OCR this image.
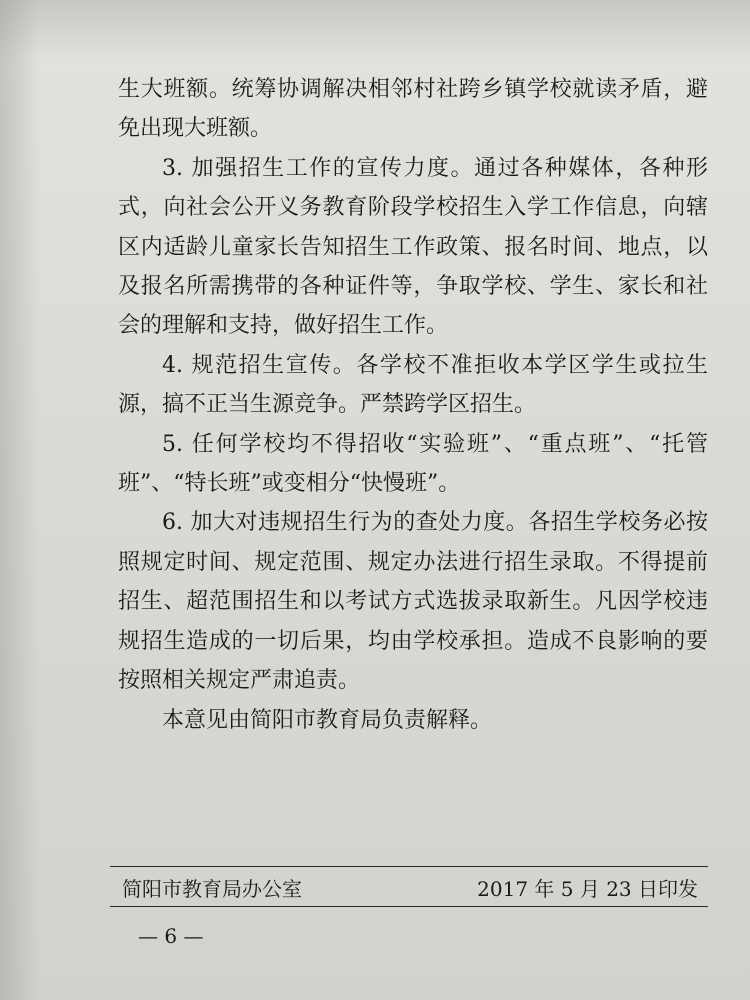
生大班额。统筹协调解决相邻村社跨乡镇学校就读矛盾，避免出现大班额。

3. 加强招生工作的宣传力度。通过各种媒体，各种形式，向社会公开义务教育阶段学校招生入学工作信息，向辖区内适龄儿童家长告知招生工作政策、报名时间、地点，以及报名所需携带的各种证件等，争取学校、学生、家长和社会的理解和支持，做好招生工作。

4. 规范招生宣传。各学校不准拒收本学区学生或拉生源，搞不正当生源竞争。严禁跨学区招生。

5. 任何学校均不得招收“实验班”、“重点班”、“托管班”、“特长班”或变相分“快慢班”。

6. 加大对违规招生行为的查处力度。各招生学校务必按照规定时间、规定范围、规定办法进行招生录取。不得提前招生、超范围招生和以考试方式选拔录取新生。凡因学校违规招生造成的一切后果，均由学校承担。造成不良影响的要按照相关规定严肃追责。

本意见由简阳市教育局负责解释。

简阳市教育局办公室	2017 年 5 月 23 日印发
— 6 —
